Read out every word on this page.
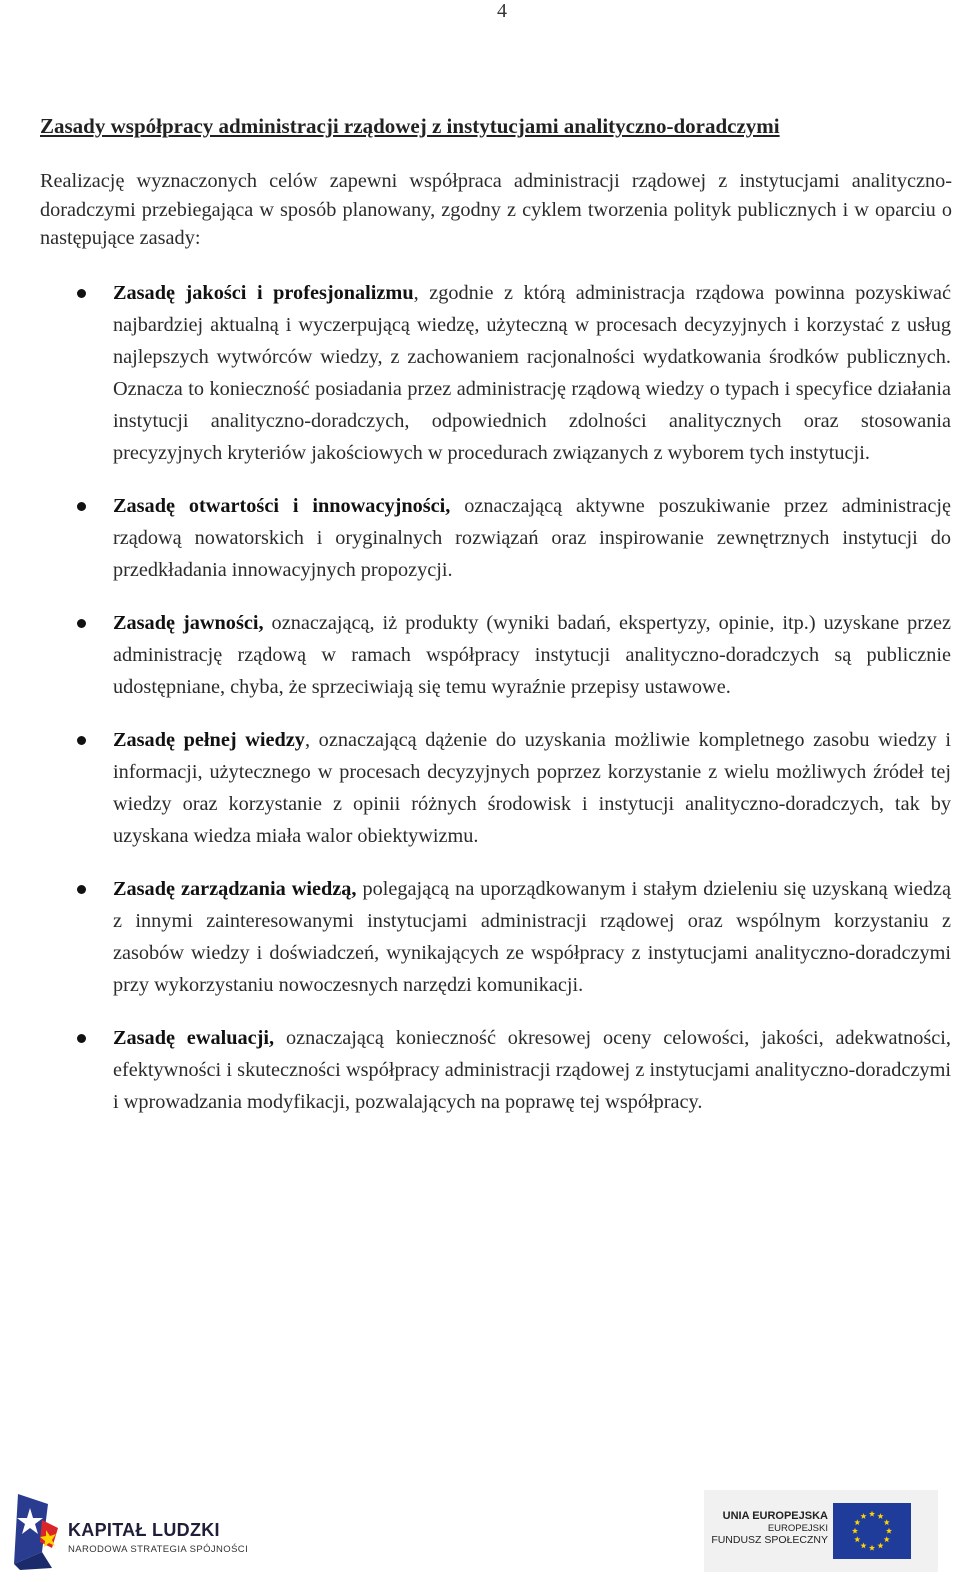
4
Zasady współpracy administracji rządowej z instytucjami analityczno-doradczymi

Realizację wyznaczonych celów zapewni współpraca administracji rządowej z instytucjami analityczno-doradczymi przebiegająca w sposób planowany, zgodny z cyklem tworzenia polityk publicznych i w oparciu o następujące zasady:

Zasadę jakości i profesjonalizmu, zgodnie z którą administracja rządowa powinna pozyskiwać najbardziej aktualną i wyczerpującą wiedzę, użyteczną w procesach decyzyjnych i korzystać z usług najlepszych wytwórców wiedzy, z zachowaniem racjonalności wydatkowania środków publicznych. Oznacza to konieczność posiadania przez administrację rządową wiedzy o typach i specyfice działania instytucji analityczno-doradczych, odpowiednich zdolności analitycznych oraz stosowania precyzyjnych kryteriów jakościowych w procedurach związanych z wyborem tych instytucji.
Zasadę otwartości i innowacyjności, oznaczającą aktywne poszukiwanie przez administrację rządową nowatorskich i oryginalnych rozwiązań oraz inspirowanie zewnętrznych instytucji do przedkładania innowacyjnych propozycji.
Zasadę jawności, oznaczającą, iż produkty (wyniki badań, ekspertyzy, opinie, itp.) uzyskane przez administrację rządową w ramach współpracy instytucji analityczno-doradczych są publicznie udostępniane, chyba, że sprzeciwiają się temu wyraźnie przepisy ustawowe.
Zasadę pełnej wiedzy, oznaczającą dążenie do uzyskania możliwie kompletnego zasobu wiedzy i informacji, użytecznego w procesach decyzyjnych poprzez korzystanie z wielu możliwych źródeł tej wiedzy oraz korzystanie z opinii różnych środowisk i instytucji analityczno-doradczych, tak by uzyskana wiedza miała walor obiektywizmu.
Zasadę zarządzania wiedzą, polegającą na uporządkowanym i stałym dzieleniu się uzyskaną wiedzą z innymi zainteresowanymi instytucjami administracji rządowej oraz wspólnym korzystaniu z zasobów wiedzy i doświadczeń, wynikających ze współpracy z instytucjami analityczno-doradczymi przy wykorzystaniu nowoczesnych narzędzi komunikacji.
Zasadę ewaluacji, oznaczającą konieczność okresowej oceny celowości, jakości, adekwatności, efektywności i skuteczności współpracy administracji rządowej z instytucjami analityczno-doradczymi i wprowadzania modyfikacji, pozwalających na poprawę tej współpracy.
KAPITAŁ LUDZKI
NARODOWA STRATEGIA SPÓJNOŚCI
UNIA EUROPEJSKA
EUROPEJSKI
FUNDUSZ SPOŁECZNY
